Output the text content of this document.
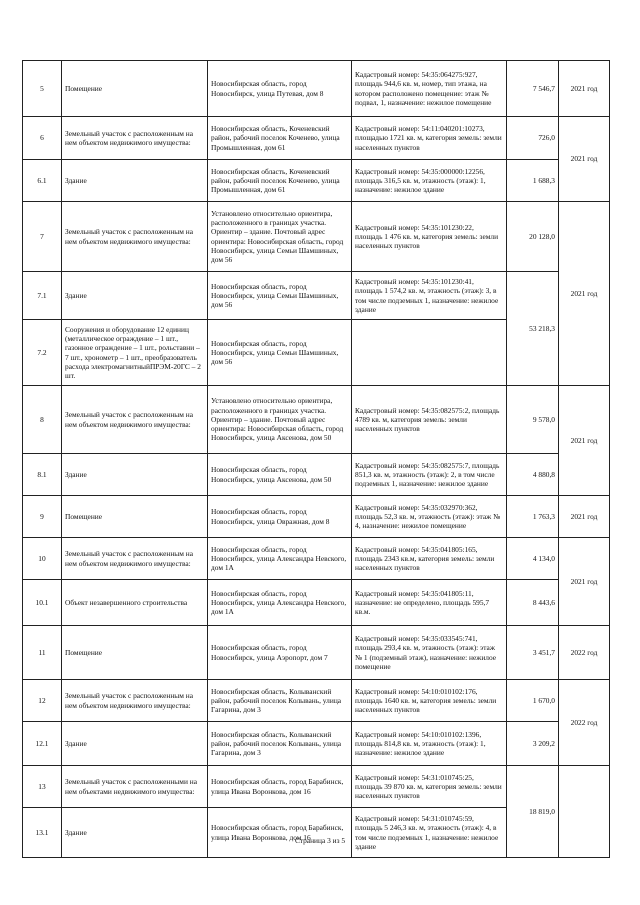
5	Помещение	Новосибирская область, город Новосибирск, улица Путевая, дом 8	Кадастровый номер: 54:35:064275:927, площадь 944,6 кв. м, номер, тип этажа, на котором расположено помещение: этаж № подвал, 1, назначение: нежилое помещение	7 546,7	2021 год
6	Земельный участок с расположенным на нем объектом недвижимого имущества:	Новосибирская область, Коченевский район, рабочий поселок Коченево, улица Промышленная, дом 61	Кадастровый номер: 54:11:040201:10273, площадью 1721 кв. м, категория земель: земли населенных пунктов	726,0	2021 год
6.1	Здание	Новосибирская область, Коченевский район, рабочий поселок Коченево, улица Промышленная, дом 61	Кадастровый номер: 54:35:000000:12256, площадь 316,5 кв. м, этажность (этаж): 1, назначение: нежилое здание	1 688,3	
7	Земельный участок с расположенным на нем объектом недвижимого имущества:	Установлено относительно ориентира, расположенного в границах участка. Ориентир – здание. Почтовый адрес ориентира: Новосибирская область, город Новосибирск, улица Семьи Шамшиных, дом 56	Кадастровый номер: 54:35:101230:22, площадь 1 476 кв. м, категория земель: земли населенных пунктов	20 128,0	2021 год
7.1	Здание	Новосибирская область, город Новосибирск, улица Семьи Шамшиных, дом 56	Кадастровый номер: 54:35:101230:41, площадь 1 574,2 кв. м, этажность (этаж): 3, в том числе подземных 1, назначение: нежилое здание	53 218,3	
7.2	Сооружения и оборудование 12 единиц (металлическое ограждение – 1 шт., газонное ограждение – 1 шт., рольставни – 7 шт., хронометр – 1 шт., преобразователь расхода электромагнитныйПРЭМ-20ГС – 2 шт.	Новосибирская область, город Новосибирск, улица Семьи Шамшиных, дом 56			
8	Земельный участок с расположенным на нем объектом недвижимого имущества:	Установлено относительно ориентира, расположенного в границах участка. Ориентир – здание. Почтовый адрес ориентира: Новосибирская область, город Новосибирск, улица Аксенова, дом 50	Кадастровый номер: 54:35:082575:2, площадь 4789 кв. м, категория земель: земли населенных пунктов	9 578,0	2021 год
8.1	Здание	Новосибирская область, город Новосибирск, улица Аксенова, дом 50	Кадастровый номер: 54:35:082575:7, площадь 851,3 кв. м, этажность (этаж): 2, в том числе подземных 1, назначение: нежилое здание	4 880,8	
9	Помещение	Новосибирская область, город Новосибирск, улица Овражная, дом 8	Кадастровый номер: 54:35:032970:362, площадь 52,3 кв. м, этажность (этаж): этаж № 4, назначение: нежилое помещение	1 763,3	2021 год
10	Земельный участок с расположенным на нем объектом недвижимого имущества:	Новосибирская область, город Новосибирск, улица Александра Невского, дом 1А	Кадастровый номер: 54:35:041805:165, площадь 2343 кв.м, категория земель: земли населенных пунктов	4 134,0	2021 год
10.1	Объект незавершенного строительства	Новосибирская область, город Новосибирск, улица Александра Невского, дом 1А	Кадастровый номер: 54:35:041805:11, назначение: не определено, площадь 595,7 кв.м.	8 443,6	
11	Помещение	Новосибирская область, город Новосибирск, улица Аэропорт, дом 7	Кадастровый номер: 54:35:033545:741, площадь 293,4 кв. м, этажность (этаж): этаж № 1 (подземный этаж), назначение: нежилое помещение	3 451,7	2022 год
12	Земельный участок с расположенным на нем объектом недвижимого имущества:	Новосибирская область, Колыванский район, рабочий поселок Колывань, улица Гагарина, дом 3	Кадастровый номер: 54:10:010102:176, площадь 1640 кв. м, категория земель: земли населенных пунктов	1 670,0	2022 год
12.1	Здание	Новосибирская область, Колыванский район, рабочий поселок Колывань, улица Гагарина, дом 3	Кадастровый номер: 54:10:010102:1396, площадь 814,8 кв. м, этажность (этаж): 1, назначение: нежилое здание	3 209,2	
13	Земельный участок с расположенными на нем объектами недвижимого имущества:	Новосибирская область, город Барабинск, улица Ивана Воронкова, дом 16	Кадастровый номер: 54:31:010745:25, площадь 39 870 кв. м, категория земель: земли населенных пунктов	18 819,0	
13.1	Здание	Новосибирская область, город Барабинск, улица Ивана Воронкова, дом 16	Кадастровый номер: 54:31:010745:59, площадь 5 246,3 кв. м, этажность (этаж): 4, в том числе подземных 1, назначение: нежилое здание		
Страница 3 из 5
